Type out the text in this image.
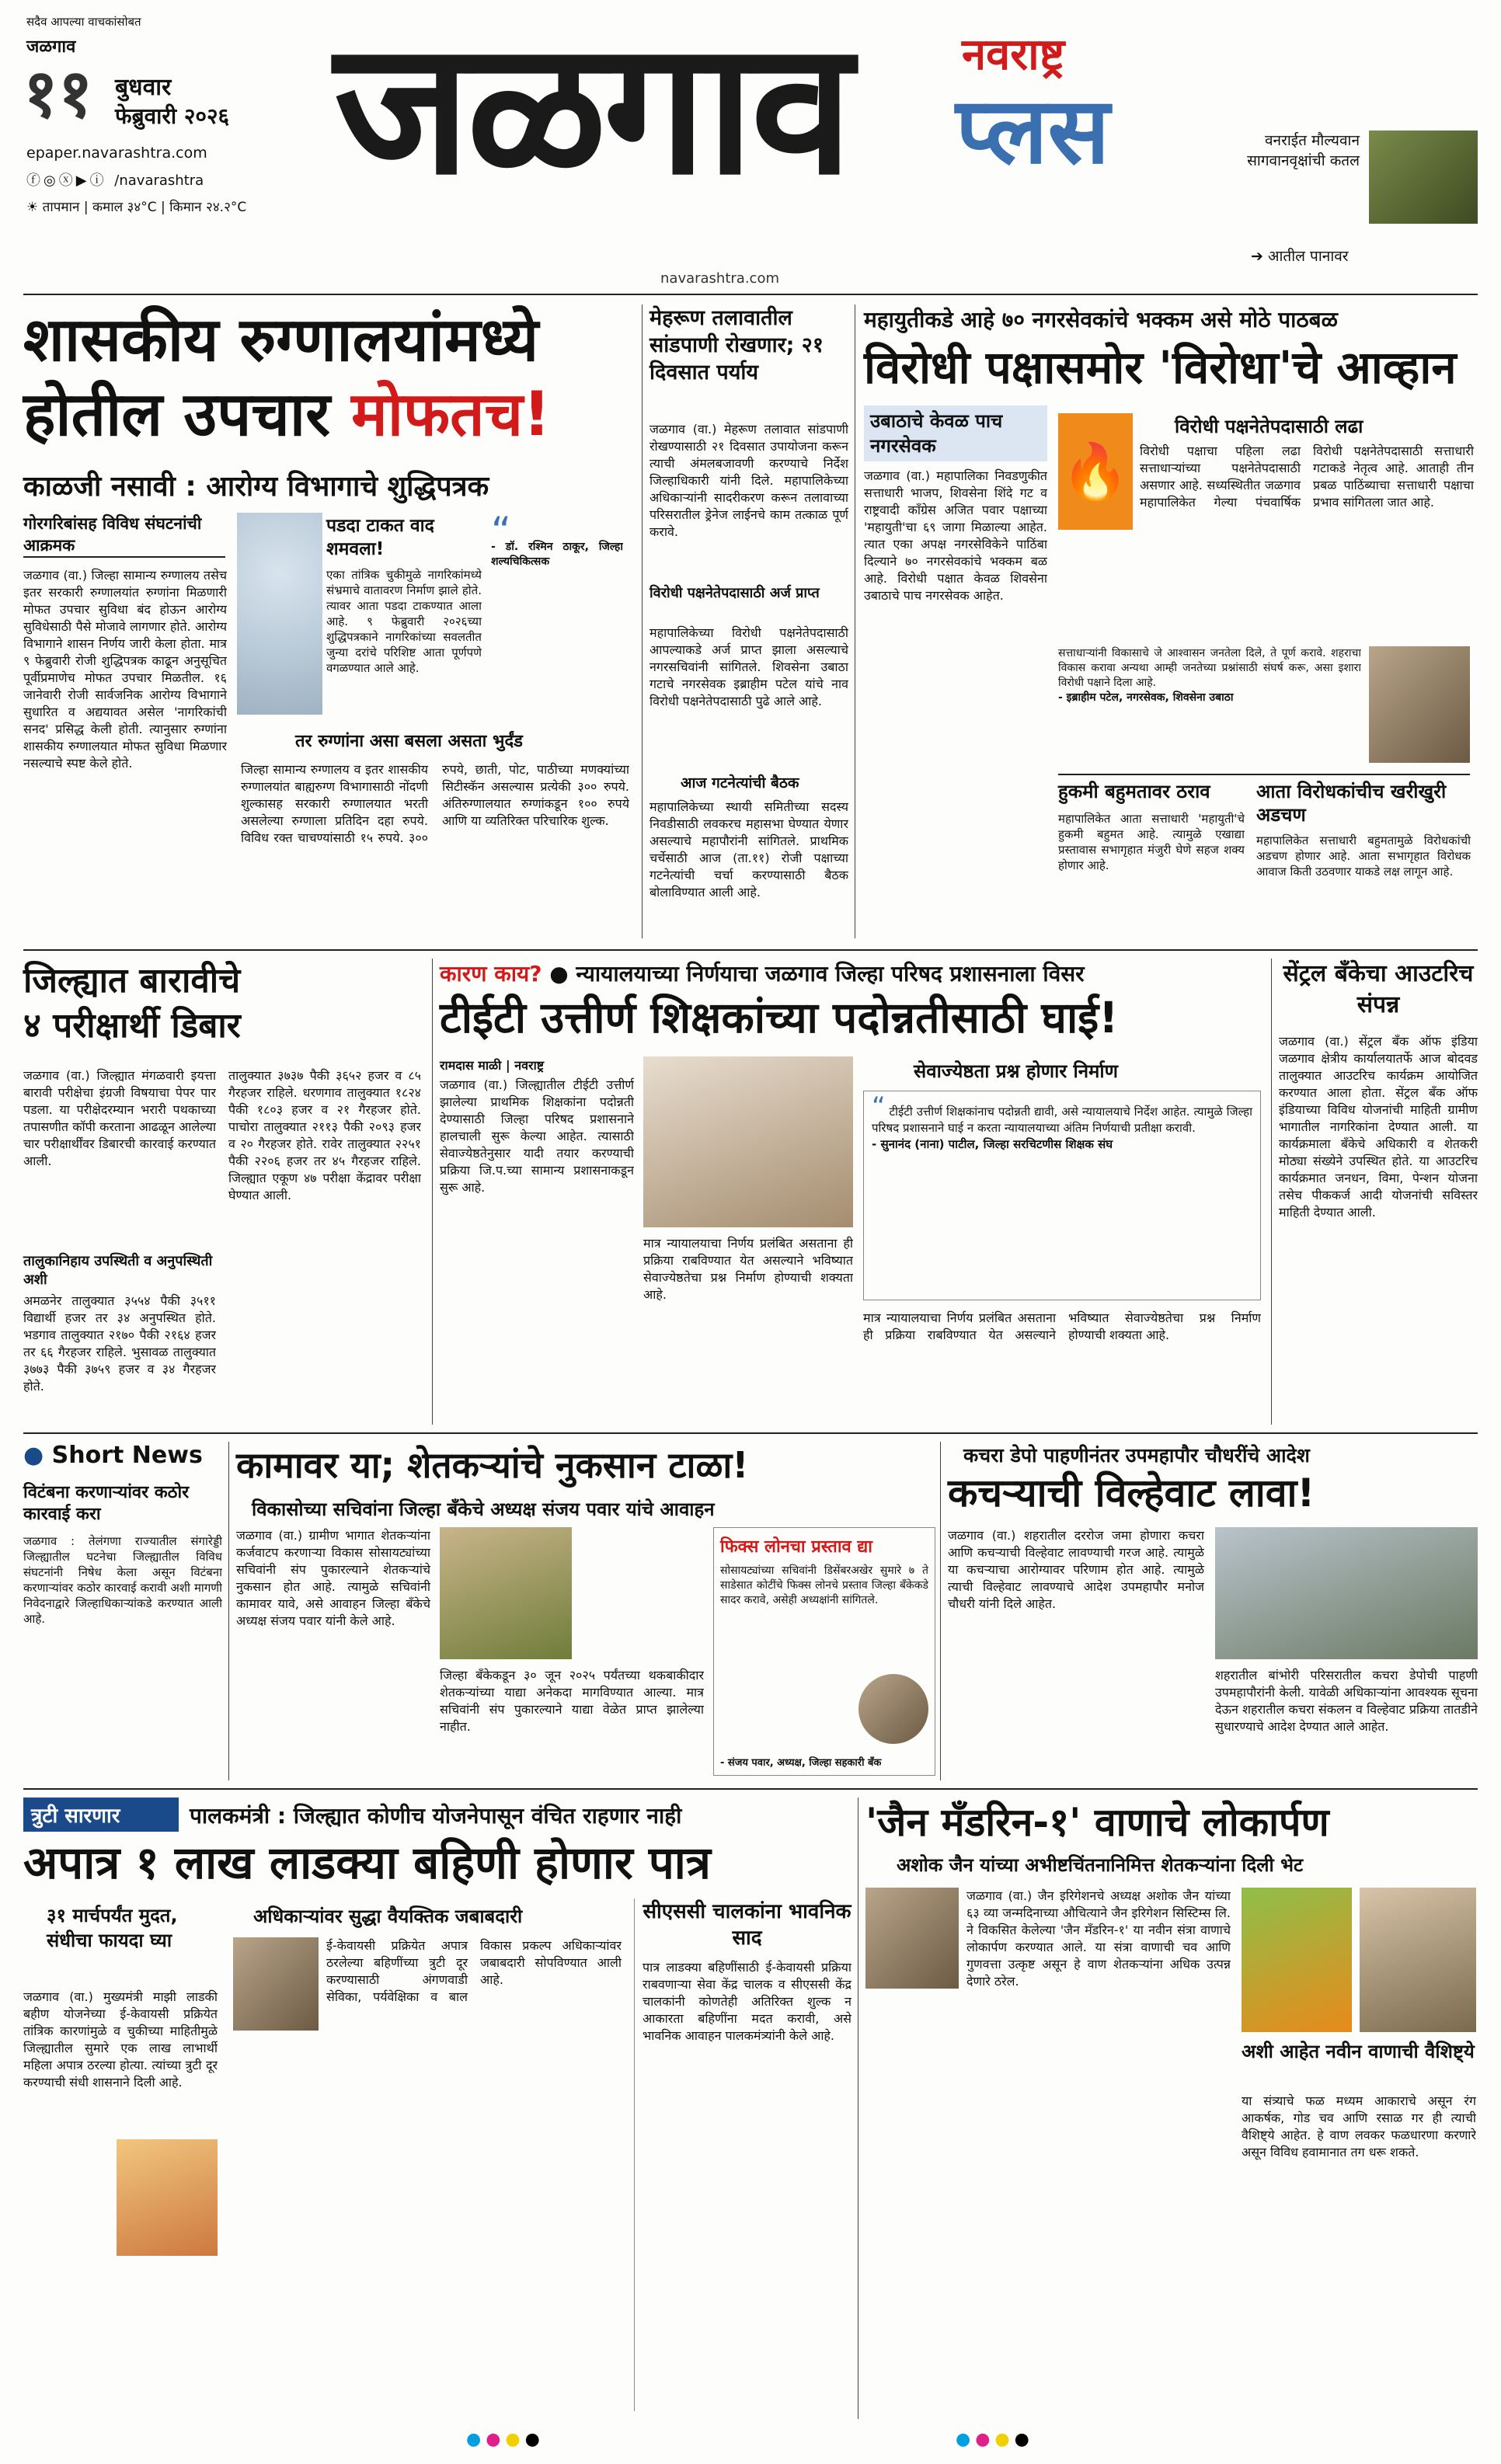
सदैव आपल्या वाचकांसोबत
जळगाव
११ बुधवार
फेब्रुवारी २०२६
epaper.navarashtra.com
ⓕ◎ⓧ▶ⓘ /navarashtra
☀ तापमान | कमाल ३४°C | किमान २४.२°C जळगाव	नवराष्ट्र
प्लस
navarashtra.com
वनराईत मौल्यवान सागवानवृक्षांची कतल
➔ आतील पानावर
शासकीय रुग्णालयांमध्ये
होतील उपचार मोफतच!
काळजी नसावी : आरोग्य विभागाचे शुद्धिपत्रक
गोरगरिबांसह विविध संघटनांची आक्रमक
जळगाव (वा.) जिल्हा सामान्य रुग्णालय तसेच इतर सरकारी रुग्णालयांत रुग्णांना मिळणारी मोफत उपचार सुविधा बंद होऊन आरोग्य सुविधेसाठी पैसे मोजावे लागणार होते. आरोग्य विभागाने शासन निर्णय जारी केला होता. मात्र ९ फेब्रुवारी रोजी शुद्धिपत्रक काढून अनुसूचित पूर्वीप्रमाणेच मोफत उपचार मिळतील. १६ जानेवारी रोजी सार्वजनिक आरोग्य विभागाने सुधारित व अद्ययावत असेल 'नागरिकांची सनद' प्रसिद्ध केली होती. त्यानुसार रुग्णांना शासकीय रुग्णालयात मोफत सुविधा मिळणार नसल्याचे स्पष्ट केले होते.
पडदा टाकत वाद शमवला!
एका तांत्रिक चुकीमुळे नागरिकांमध्ये संभ्रमाचे वातावरण निर्माण झाले होते. त्यावर आता पडदा टाकण्यात आला आहे. ९ फेब्रुवारी २०२६च्या शुद्धिपत्रकाने नागरिकांच्या सवलतीत जुन्या दरांचे परिशिष्ट आता पूर्णपणे वगळण्यात आले आहे.
“
- डॉ. रश्मिन ठाकूर, जिल्हा शल्यचिकित्सक
तर रुग्णांना असा बसला असता भुर्दंड
जिल्हा सामान्य रुग्णालय व इतर शासकीय रुग्णालयांत बाह्यरुग्ण विभागासाठी नोंदणी शुल्कासह सरकारी रुग्णालयात भरती असलेल्या रुग्णाला प्रतिदिन दहा रुपये. विविध रक्त चाचण्यांसाठी १५ रुपये. ३०० रुपये, छाती, पोट, पाठीच्या मणक्यांच्या सिटीस्कॅन असल्यास प्रत्येकी ३०० रुपये. अंतिरुग्णालयात रुग्णांकडून १०० रुपये आणि या व्यतिरिक्त परिचारिक शुल्क.
मेहरूण तलावातील सांडपाणी रोखणार; २१ दिवसात पर्याय
जळगाव (वा.) मेहरूण तलावात सांडपाणी रोखण्यासाठी २१ दिवसात उपायोजना करून त्याची अंमलबजावणी करण्याचे निर्देश जिल्हाधिकारी यांनी दिले. महापालिकेच्या अधिकाऱ्यांनी सादरीकरण करून तलावाच्या परिसरातील ड्रेनेज लाईनचे काम तत्काळ पूर्ण करावे.
विरोधी पक्षनेतेपदासाठी अर्ज प्राप्त
महापालिकेच्या विरोधी पक्षनेतेपदासाठी आपल्याकडे अर्ज प्राप्त झाला असल्याचे नगरसचिवांनी सांगितले. शिवसेना उबाठा गटाचे नगरसेवक इब्राहीम पटेल यांचे नाव विरोधी पक्षनेतेपदासाठी पुढे आले आहे.
आज गटनेत्यांची बैठक
महापालिकेच्या स्थायी समितीच्या सदस्य निवडीसाठी लवकरच महासभा घेण्यात येणार असल्याचे महापौरांनी सांगितले. प्राथमिक चर्चेसाठी आज (ता.११) रोजी पक्षाच्या गटनेत्यांची चर्चा करण्यासाठी बैठक बोलाविण्यात आली आहे.
महायुतीकडे आहे ७० नगरसेवकांचे भक्कम असे मोठे पाठबळ
विरोधी पक्षासमोर 'विरोधा'चे आव्हान
उबाठाचे केवळ पाच नगरसेवक
जळगाव (वा.) महापालिका निवडणुकीत सत्ताधारी भाजप, शिवसेना शिंदे गट व राष्ट्रवादी काँग्रेस अजित पवार पक्षाच्या 'महायुती'चा ६९ जागा मिळाल्या आहेत. त्यात एका अपक्ष नगरसेविकेने पाठिंबा दिल्याने ७० नगरसेवकांचे भक्कम बळ आहे. विरोधी पक्षात केवळ शिवसेना उबाठाचे पाच नगरसेवक आहेत.
🔥
विरोधी पक्षनेतेपदासाठी लढा
विरोधी पक्षाचा पहिला लढा सत्ताधाऱ्यांच्या पक्षनेतेपदासाठी असणार आहे. सध्यस्थितीत जळगाव महापालिकेत गेल्या पंचवार्षिक विरोधी पक्षनेतेपदासाठी सत्ताधारी गटाकडे नेतृत्व आहे. आताही तीन प्रबळ पाठिंब्याचा सत्ताधारी पक्षाचा प्रभाव सांगितला जात आहे.
सत्ताधाऱ्यांनी विकासाचे जे आश्वासन जनतेला दिले, ते पूर्ण करावे. शहराचा विकास करावा अन्यथा आम्ही जनतेच्या प्रश्नांसाठी संघर्ष करू, असा इशारा विरोधी पक्षाने दिला आहे.
- इब्राहीम पटेल, नगरसेवक, शिवसेना उबाठा
हुकमी बहुमतावर ठराव
महापालिकेत आता सत्ताधारी 'महायुती'चे हुकमी बहुमत आहे. त्यामुळे एखाद्या प्रस्तावास सभागृहात मंजुरी घेणे सहज शक्य होणार आहे.
आता विरोधकांचीच खरीखुरी अडचण
महापालिकेत सत्ताधारी बहुमतामुळे विरोधकांची अडचण होणार आहे. आता सभागृहात विरोधक आवाज किती उठवणार याकडे लक्ष लागून आहे.
जिल्ह्यात बारावीचे
४ परीक्षार्थी डिबार
जळगाव (वा.) जिल्ह्यात मंगळवारी इयत्ता बारावी परीक्षेचा इंग्रजी विषयाचा पेपर पार पडला. या परीक्षेदरम्यान भरारी पथकाच्या तपासणीत कॉपी करताना आढळून आलेल्या चार परीक्षार्थींवर डिबारची कारवाई करण्यात आली.
तालुकानिहाय उपस्थिती व अनुपस्थिती अशी
अमळनेर तालुक्यात ३५५४ पैकी ३५११ विद्यार्थी हजर तर ३४ अनुपस्थित होते. भडगाव तालुक्यात २१७० पैकी २१६४ हजर तर ६६ गैरहजर राहिले. भुसावळ तालुक्यात ३७७३ पैकी ३७५९ हजर व ३४ गैरहजर होते.
तालुक्यात ३७३७ पैकी ३६५२ हजर व ८५ गैरहजर राहिले. धरणगाव तालुक्यात १८२४ पैकी १८०३ हजर व २१ गैरहजर होते. पाचोरा तालुक्यात २११३ पैकी २०९३ हजर व २० गैरहजर होते. रावेर तालुक्यात २२५१ पैकी २२०६ हजर तर ४५ गैरहजर राहिले. जिल्ह्यात एकूण ४७ परीक्षा केंद्रावर परीक्षा घेण्यात आली.
कारण काय? ● न्यायालयाच्या निर्णयाचा जळगाव जिल्हा परिषद प्रशासनाला विसर
टीईटी उत्तीर्ण शिक्षकांच्या पदोन्नतीसाठी घाई!
रामदास माळी | नवराष्ट्र
जळगाव (वा.) जिल्ह्यातील टीईटी उत्तीर्ण झालेल्या प्राथमिक शिक्षकांना पदोन्नती देण्यासाठी जिल्हा परिषद प्रशासनाने हालचाली सुरू केल्या आहेत. त्यासाठी सेवाज्येष्ठतेनुसार यादी तयार करण्याची प्रक्रिया जि.प.च्या सामान्य प्रशासनाकडून सुरू आहे.
मात्र न्यायालयाचा निर्णय प्रलंबित असताना ही प्रक्रिया राबविण्यात येत असल्याने भविष्यात सेवाज्येष्ठतेचा प्रश्न निर्माण होण्याची शक्यता आहे.
सेवाज्येष्ठता प्रश्न होणार निर्माण
“ टीईटी उत्तीर्ण शिक्षकांनाच पदोन्नती द्यावी, असे न्यायालयाचे निर्देश आहेत. त्यामुळे जिल्हा परिषद प्रशासनाने घाई न करता न्यायालयाच्या अंतिम निर्णयाची प्रतीक्षा करावी.
- सुनानंद (नाना) पाटील, जिल्हा सरचिटणीस शिक्षक संघ
मात्र न्यायालयाचा निर्णय प्रलंबित असताना ही प्रक्रिया राबविण्यात येत असल्याने भविष्यात सेवाज्येष्ठतेचा प्रश्न निर्माण होण्याची शक्यता आहे.
सेंट्रल बँकेचा आउटरिच संपन्न
जळगाव (वा.) सेंट्रल बँक ऑफ इंडिया जळगाव क्षेत्रीय कार्यालयातर्फे आज बोदवड तालुक्यात आउटरिच कार्यक्रम आयोजित करण्यात आला होता. सेंट्रल बँक ऑफ इंडियाच्या विविध योजनांची माहिती ग्रामीण भागातील नागरिकांना देण्यात आली. या कार्यक्रमाला बँकेचे अधिकारी व शेतकरी मोठ्या संख्येने उपस्थित होते. या आउटरिच कार्यक्रमात जनधन, विमा, पेन्शन योजना तसेच पीककर्ज आदी योजनांची सविस्तर माहिती देण्यात आली.
● Short News
विटंबना करणाऱ्यांवर कठोर कारवाई करा
जळगाव : तेलंगणा राज्यातील संगारेड्डी जिल्ह्यातील घटनेचा जिल्ह्यातील विविध संघटनांनी निषेध केला असून विटंबना करणाऱ्यांवर कठोर कारवाई करावी अशी मागणी निवेदनाद्वारे जिल्हाधिकाऱ्यांकडे करण्यात आली आहे.
कामावर या; शेतकऱ्यांचे नुकसान टाळा!
विकासोच्या सचिवांना जिल्हा बँकेचे अध्यक्ष संजय पवार यांचे आवाहन
जळगाव (वा.) ग्रामीण भागात शेतकऱ्यांना कर्जवाटप करणाऱ्या विकास सोसायट्यांच्या सचिवांनी संप पुकारल्याने शेतकऱ्यांचे नुकसान होत आहे. त्यामुळे सचिवांनी कामावर यावे, असे आवाहन जिल्हा बँकेचे अध्यक्ष संजय पवार यांनी केले आहे.
जिल्हा बँकेकडून ३० जून २०२५ पर्यंतच्या थकबाकीदार शेतकऱ्यांच्या याद्या अनेकदा मागविण्यात आल्या. मात्र सचिवांनी संप पुकारल्याने याद्या वेळेत प्राप्त झालेल्या नाहीत.
फिक्स लोनचा प्रस्ताव द्या
सोसायट्यांच्या सचिवांनी डिसेंबरअखेर सुमारे ७ ते साडेसात कोटींचे फिक्स लोनचे प्रस्ताव जिल्हा बँकेकडे सादर करावे, असेही अध्यक्षांनी सांगितले.
- संजय पवार, अध्यक्ष, जिल्हा सहकारी बँक
कचरा डेपो पाहणीनंतर उपमहापौर चौधरींचे आदेश
कचऱ्याची विल्हेवाट लावा!
जळगाव (वा.) शहरातील दररोज जमा होणारा कचरा आणि कचऱ्याची विल्हेवाट लावण्याची गरज आहे. त्यामुळे या कचऱ्याचा आरोग्यावर परिणाम होत आहे. त्यामुळे त्याची विल्हेवाट लावण्याचे आदेश उपमहापौर मनोज चौधरी यांनी दिले आहेत.
शहरातील बांभोरी परिसरातील कचरा डेपोची पाहणी उपमहापौरांनी केली. यावेळी अधिकाऱ्यांना आवश्यक सूचना देऊन शहरातील कचरा संकलन व विल्हेवाट प्रक्रिया तातडीने सुधारण्याचे आदेश देण्यात आले आहेत.
त्रुटी सारणार	पालकमंत्री : जिल्ह्यात कोणीच योजनेपासून वंचित राहणार नाही
अपात्र १ लाख लाडक्या बहिणी होणार पात्र
३१ मार्चपर्यंत मुदत, संधीचा फायदा घ्या
जळगाव (वा.) मुख्यमंत्री माझी लाडकी बहीण योजनेच्या ई-केवायसी प्रक्रियेत तांत्रिक कारणांमुळे व चुकीच्या माहितीमुळे जिल्ह्यातील सुमारे एक लाख लाभार्थी महिला अपात्र ठरल्या होत्या. त्यांच्या त्रुटी दूर करण्याची संधी शासनाने दिली आहे.
अधिकाऱ्यांवर सुद्धा वैयक्तिक जबाबदारी
ई-केवायसी प्रक्रियेत अपात्र ठरलेल्या बहिणींच्या त्रुटी दूर करण्यासाठी अंगणवाडी सेविका, पर्यवेक्षिका व बाल विकास प्रकल्प अधिकाऱ्यांवर जबाबदारी सोपविण्यात आली आहे.
सीएससी चालकांना भावनिक साद
पात्र लाडक्या बहिणींसाठी ई-केवायसी प्रक्रिया राबवणाऱ्या सेवा केंद्र चालक व सीएससी केंद्र चालकांनी कोणतेही अतिरिक्त शुल्क न आकारता बहिणींना मदत करावी, असे भावनिक आवाहन पालकमंत्र्यांनी केले आहे.
'जैन मॅंडरिन-१' वाणाचे लोकार्पण
अशोक जैन यांच्या अभीष्टचिंतनानिमित्त शेतकऱ्यांना दिली भेट
जळगाव (वा.) जैन इरिगेशनचे अध्यक्ष अशोक जैन यांच्या ६३ व्या जन्मदिनाच्या औचित्याने जैन इरिगेशन सिस्टिम्स लि. ने विकसित केलेल्या 'जैन मॅंडरिन-१' या नवीन संत्रा वाणाचे लोकार्पण करण्यात आले. या संत्रा वाणाची चव आणि गुणवत्ता उत्कृष्ट असून हे वाण शेतकऱ्यांना अधिक उत्पन्न देणारे ठरेल.
अशी आहेत नवीन वाणाची वैशिष्ट्ये
या संत्र्याचे फळ मध्यम आकाराचे असून रंग आकर्षक, गोड चव आणि रसाळ गर ही त्याची वैशिष्ट्ये आहेत. हे वाण लवकर फळधारणा करणारे असून विविध हवामानात तग धरू शकते.
●●●●	●●●●
